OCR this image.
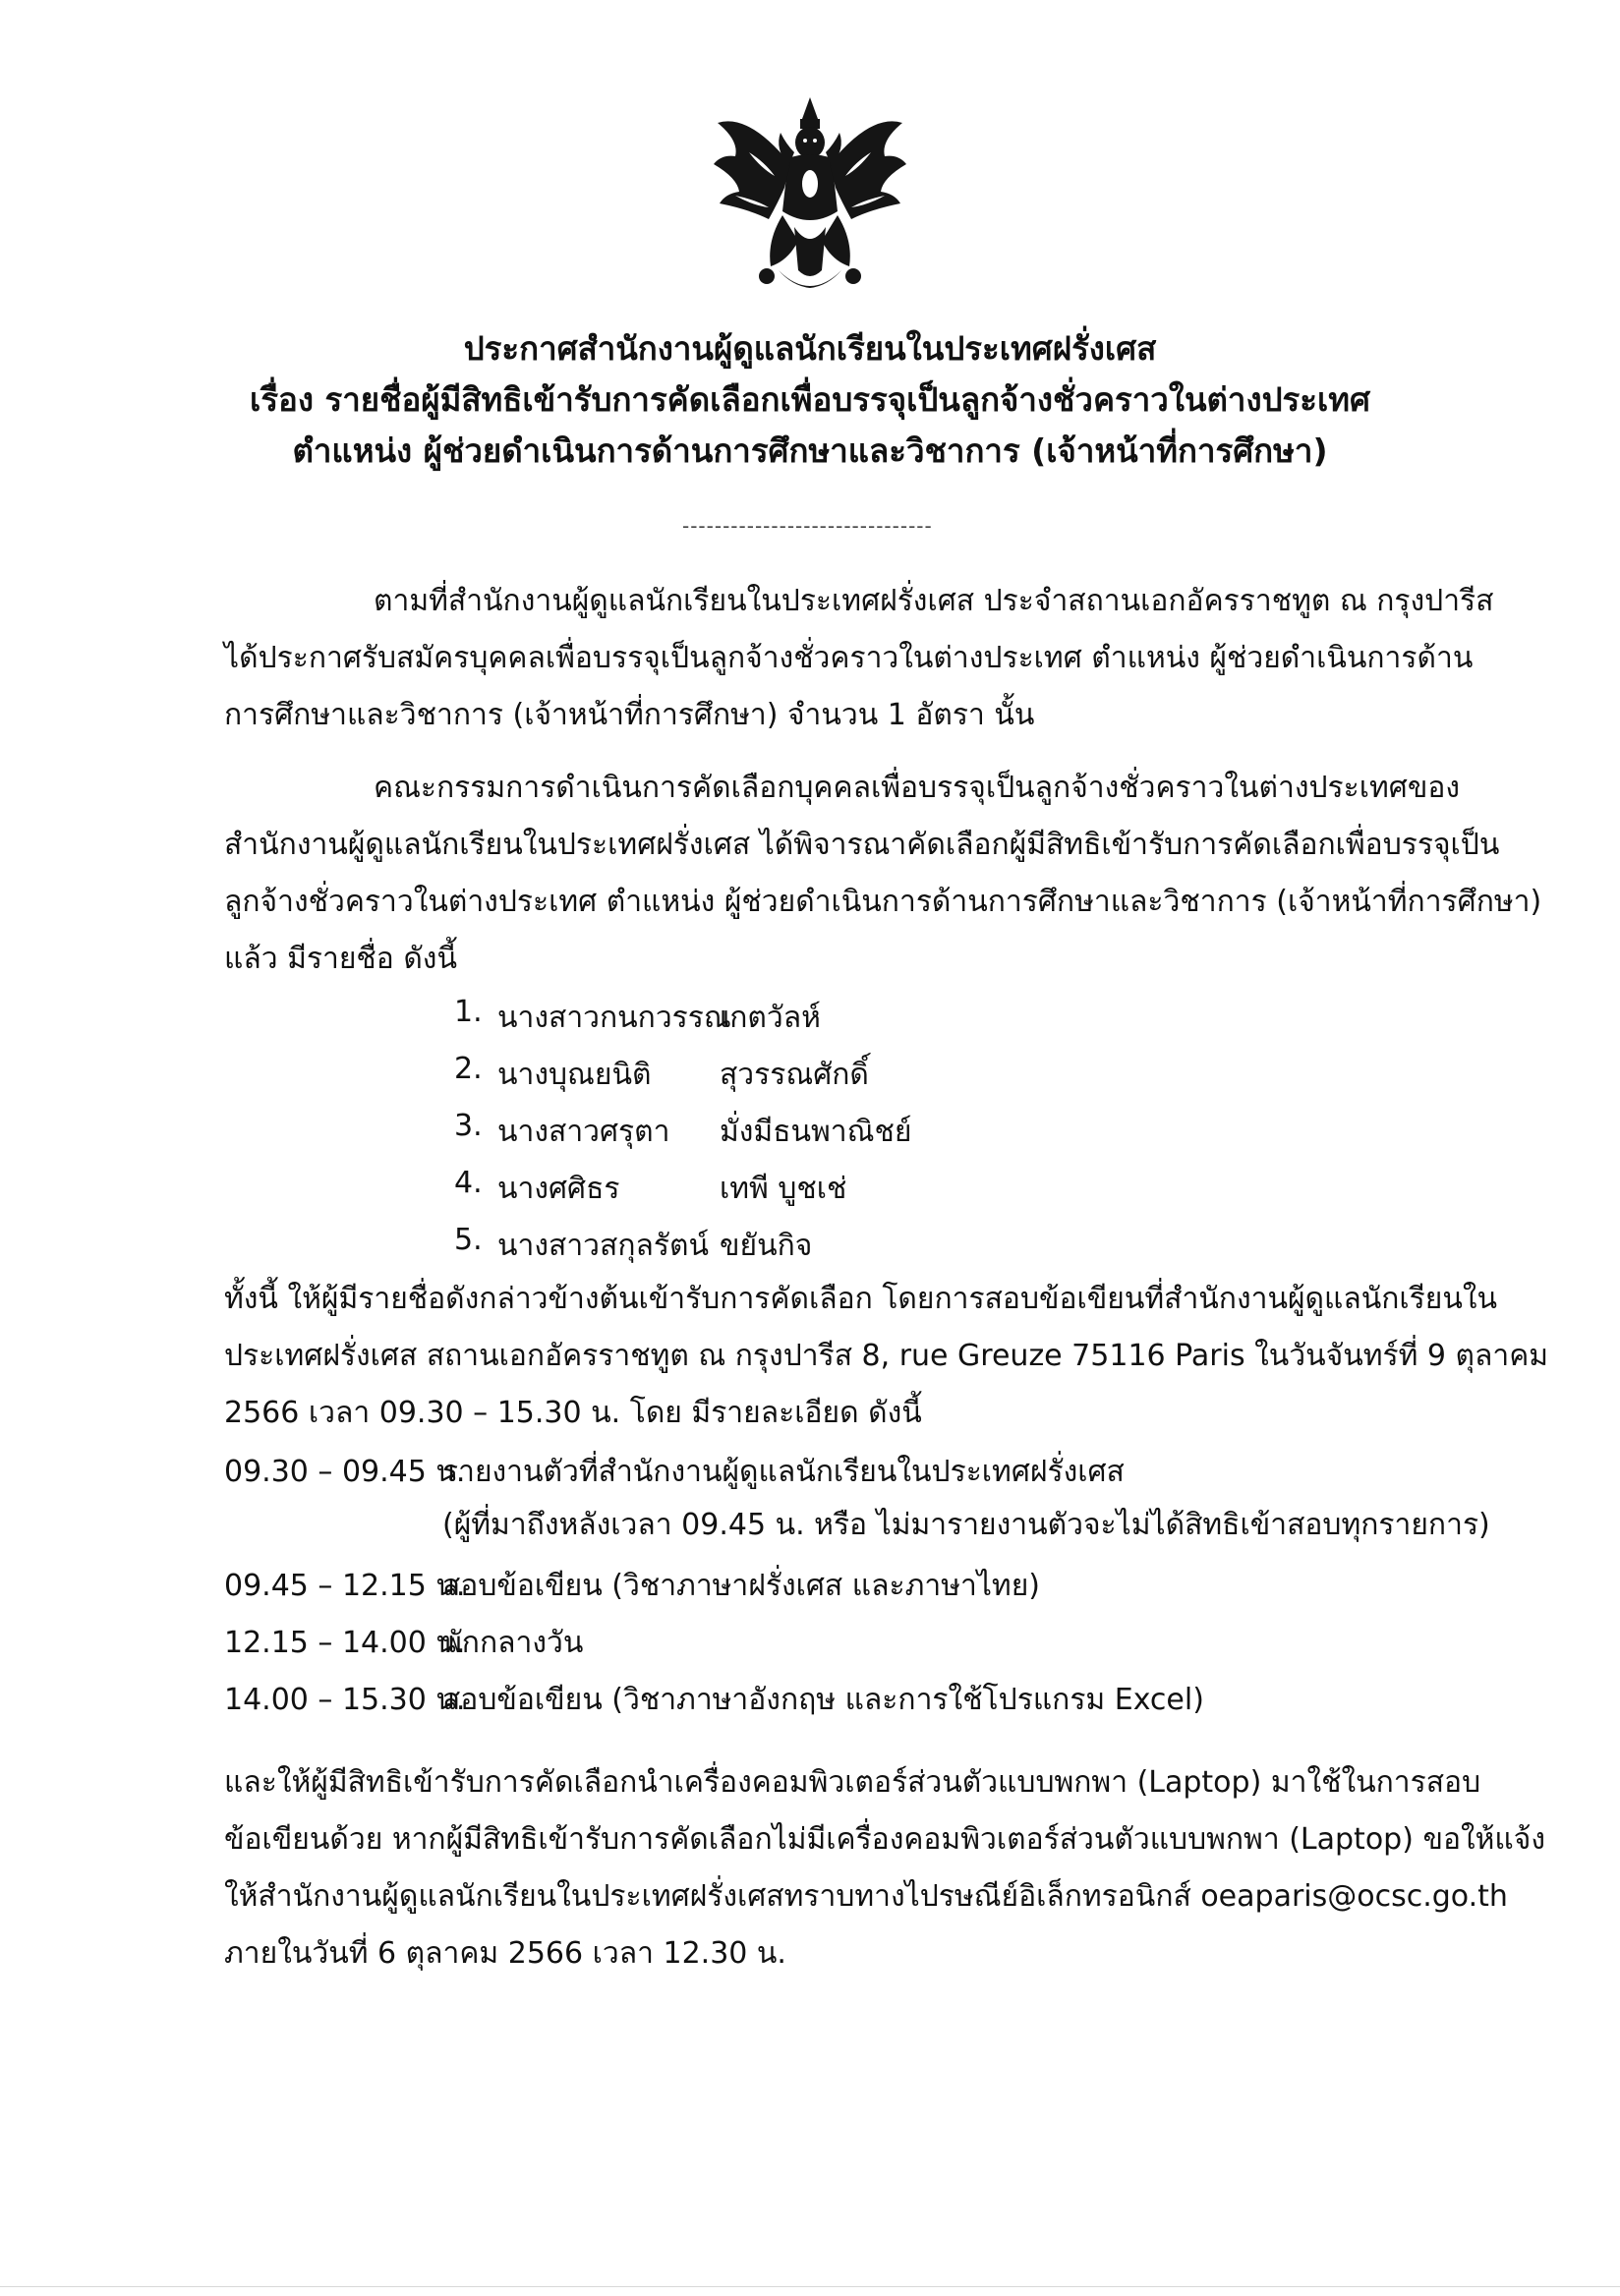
ประกาศสำนักงานผู้ดูแลนักเรียนในประเทศฝรั่งเศส
เรื่อง รายชื่อผู้มีสิทธิเข้ารับการคัดเลือกเพื่อบรรจุเป็นลูกจ้างชั่วคราวในต่างประเทศ
ตำแหน่ง ผู้ช่วยดำเนินการด้านการศึกษาและวิชาการ (เจ้าหน้าที่การศึกษา)
-------------------------------
ตามที่สำนักงานผู้ดูแลนักเรียนในประเทศฝรั่งเศส ประจำสถานเอกอัครราชทูต ณ กรุงปารีส
ได้ประกาศรับสมัครบุคคลเพื่อบรรจุเป็นลูกจ้างชั่วคราวในต่างประเทศ ตำแหน่ง ผู้ช่วยดำเนินการด้าน
การศึกษาและวิชาการ (เจ้าหน้าที่การศึกษา) จำนวน 1 อัตรา นั้น
คณะกรรมการดำเนินการคัดเลือกบุคคลเพื่อบรรจุเป็นลูกจ้างชั่วคราวในต่างประเทศของ
สำนักงานผู้ดูแลนักเรียนในประเทศฝรั่งเศส ได้พิจารณาคัดเลือกผู้มีสิทธิเข้ารับการคัดเลือกเพื่อบรรจุเป็น
ลูกจ้างชั่วคราวในต่างประเทศ ตำแหน่ง ผู้ช่วยดำเนินการด้านการศึกษาและวิชาการ (เจ้าหน้าที่การศึกษา)
แล้ว มีรายชื่อ ดังนี้
1. นางสาวกนกวรรณ
เกตวัลห์
2. นางบุณยนิติ สุวรรณศักดิ์
3. นางสาวศรุตา มั่งมีธนพาณิชย์
4. นางศศิธร	เทพี บูชเช่
5. นางสาวสกุลรัตน์ ขยันกิจ
ทั้งนี้ ให้ผู้มีรายชื่อดังกล่าวข้างต้นเข้ารับการคัดเลือก โดยการสอบข้อเขียนที่สำนักงานผู้ดูแลนักเรียนใน
ประเทศฝรั่งเศส สถานเอกอัครราชทูต ณ กรุงปารีส 8, rue Greuze 75116 Paris ในวันจันทร์ที่ 9 ตุลาคม
2566 เวลา 09.30 – 15.30 น. โดย มีรายละเอียด ดังนี้
09.30 – 09.45 น.
รายงานตัวที่สำนักงานผู้ดูแลนักเรียนในประเทศฝรั่งเศส
(ผู้ที่มาถึงหลังเวลา 09.45 น. หรือ ไม่มารายงานตัวจะไม่ได้สิทธิเข้าสอบทุกรายการ)
09.45 – 12.15 น.
สอบข้อเขียน (วิชาภาษาฝรั่งเศส และภาษาไทย)
12.15 – 14.00 น.
พักกลางวัน
14.00 – 15.30 น.
สอบข้อเขียน (วิชาภาษาอังกฤษ และการใช้โปรแกรม Excel)
และให้ผู้มีสิทธิเข้ารับการคัดเลือกนำเครื่องคอมพิวเตอร์ส่วนตัวแบบพกพา (Laptop) มาใช้ในการสอบ
ข้อเขียนด้วย หากผู้มีสิทธิเข้ารับการคัดเลือกไม่มีเครื่องคอมพิวเตอร์ส่วนตัวแบบพกพา (Laptop) ขอให้แจ้ง
ให้สำนักงานผู้ดูแลนักเรียนในประเทศฝรั่งเศสทราบทางไปรษณีย์อิเล็กทรอนิกส์ oeaparis@ocsc.go.th
ภายในวันที่ 6 ตุลาคม 2566 เวลา 12.30 น.
